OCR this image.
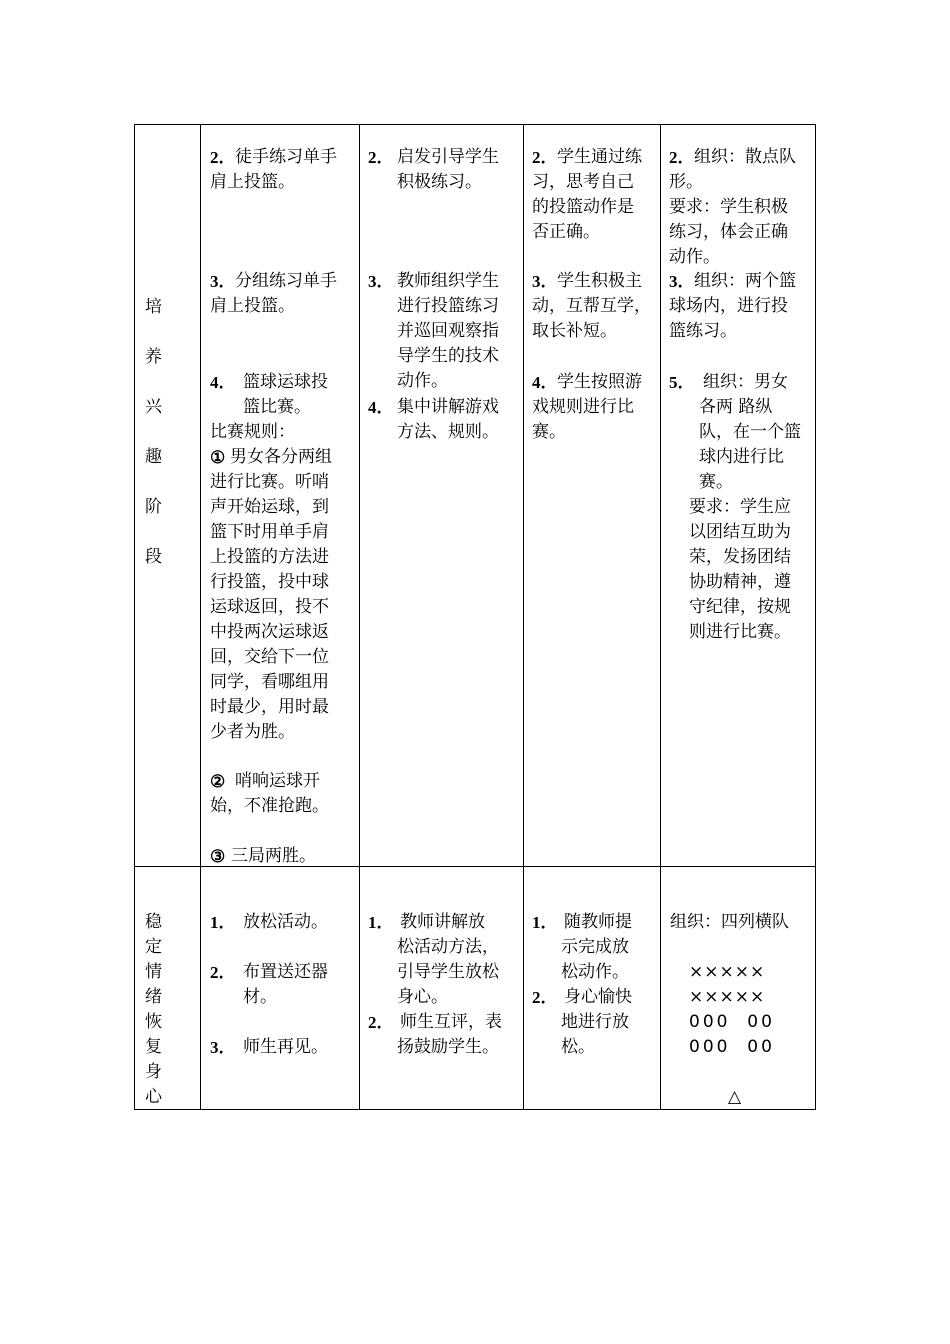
培
养
兴
趣
阶
段
2． 徒手练习单手
肩上投篮。
3． 分组练习单手
肩上投篮。
4． 篮球运球投
篮比赛。
比赛规则：
① 男女各分两组
进行比赛。听哨
声开始运球，到
篮下时用单手肩
上投篮的方法进
行投篮，投中球
运球返回，投不
中投两次运球返
回，交给下一位
同学，看哪组用
时最少，用时最
少者为胜。
② 哨响运球开
始，不准抢跑。
③ 三局两胜。
2． 启发引导学生
积极练习。
3． 教师组织学生
进行投篮练习
并巡回观察指
导学生的技术
动作。
4． 集中讲解游戏
方法、规则。
2． 学生通过练
习，思考自己
的投篮动作是
否正确。
3． 学生积极主
动，互帮互学，
取长补短。
4． 学生按照游
戏规则进行比
赛。
2． 组织：散点队
形。
要求：学生积极
练习，体会正确
动作。
3． 组织：两个篮
球场内，进行投
篮练习。
5． 组织：男女
各两 路纵
队，在一个篮
球内进行比
赛。
要求：学生应
以团结互助为
荣，发扬团结
协助精神，遵
守纪律，按规
则进行比赛。
稳
定
情
绪
恢
复
身
心
1． 放松活动。
2． 布置送还器
材。
3． 师生再见。
1． 教师讲解放
松活动方法，
引导学生放松
身心。
2． 师生互评，表
扬鼓励学生。
1． 随教师提
示完成放
松动作。
2． 身心愉快
地进行放
松。
组织：四列横队
×××××
×××××
000  00
000  00
△
